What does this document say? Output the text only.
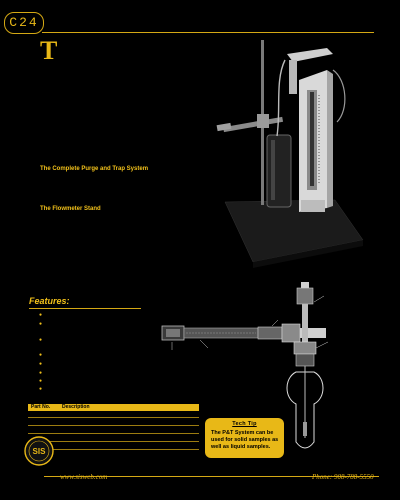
C24
T
The Complete Purge and Trap System
The Flowmeter Stand
Features:
●
●
●
●
●
●
●
●
Part No. Description
Tech Tip
The P&T System can be used for solid samples as well as liquid samples.
SIS
www.sisweb.com	Phone: 908-788-5550
